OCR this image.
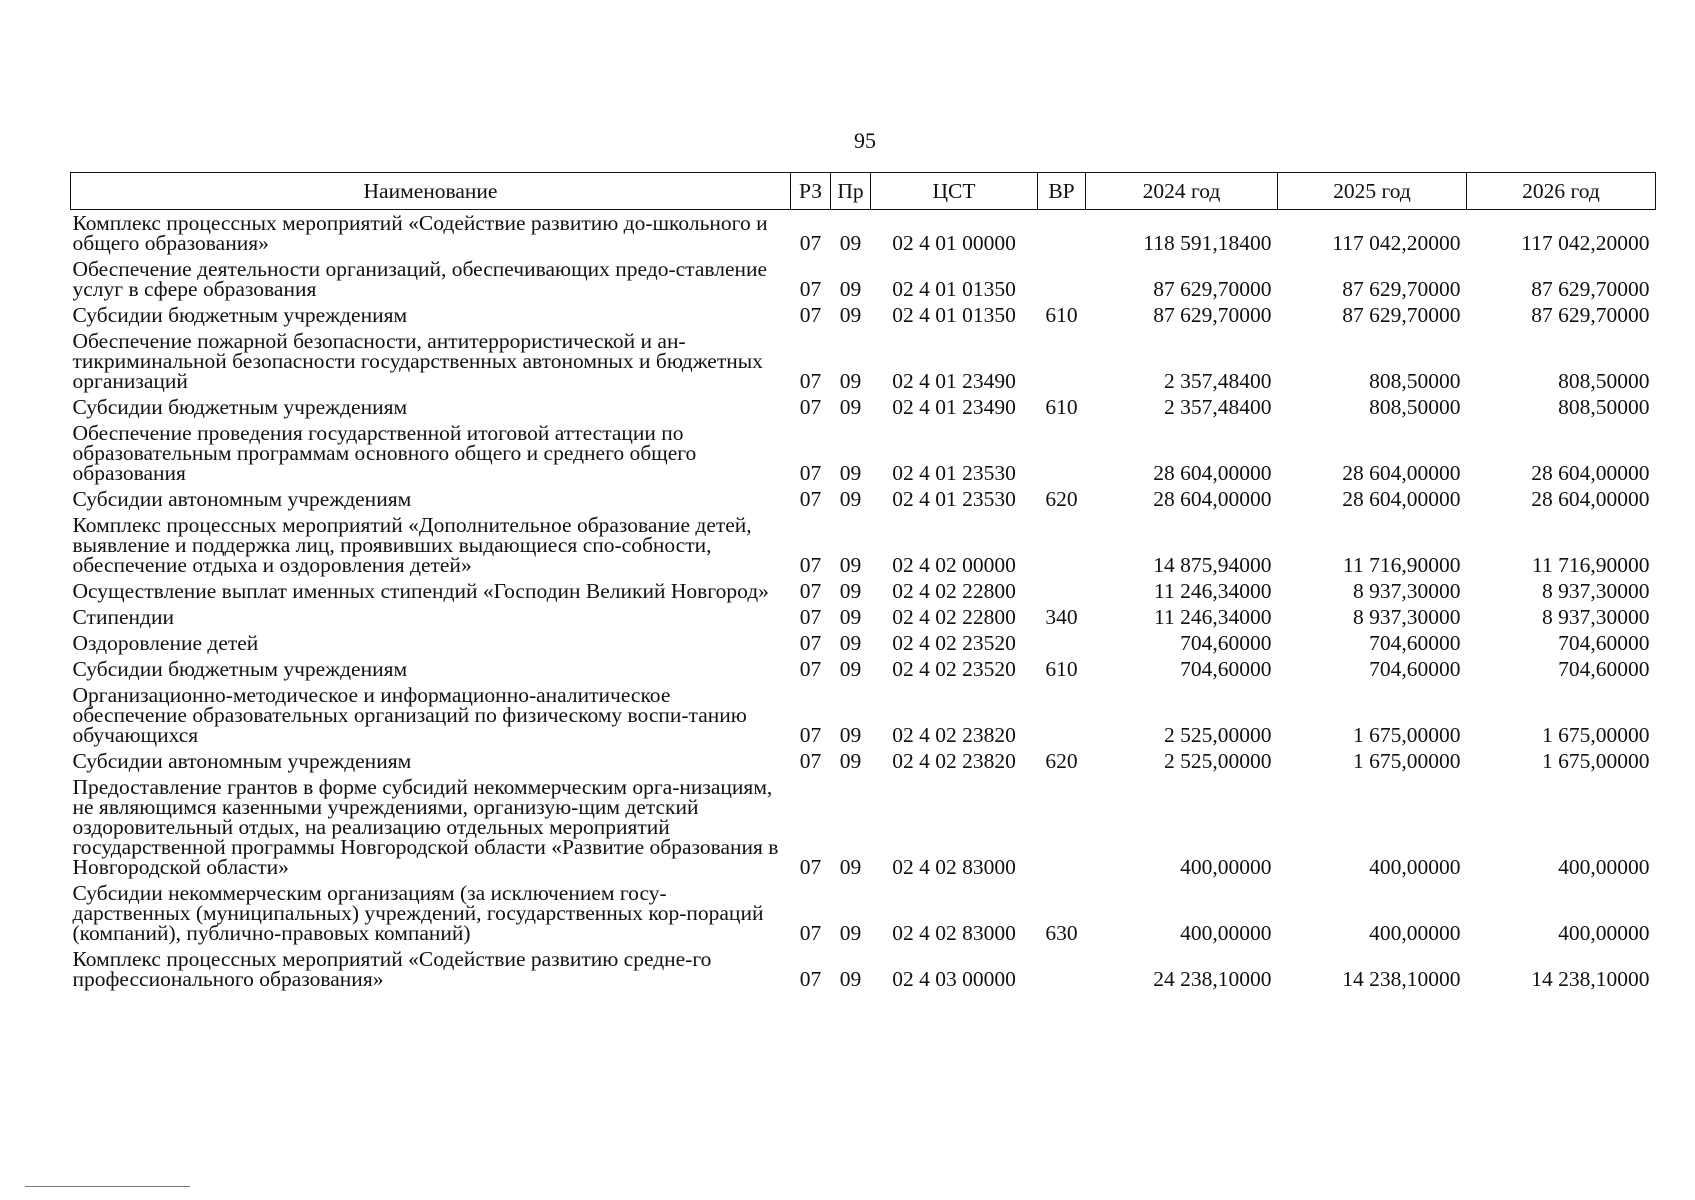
95
Наименование	РЗ	Пр	ЦСТ	ВР	2024 год	2025 год	2026 год
Комплекс процессных мероприятий «Содействие развитию до-школьного и общего образования»	07	09	02 4 01 00000		118 591,18400	117 042,20000	117 042,20000
Обеспечение деятельности организаций, обеспечивающих предо-ставление услуг в сфере образования	07	09	02 4 01 01350		87 629,70000	87 629,70000	87 629,70000
Субсидии бюджетным учреждениям	07	09	02 4 01 01350	610	87 629,70000	87 629,70000	87 629,70000
Обеспечение пожарной безопасности, антитеррористической и ан-тикриминальной безопасности государственных автономных и бюджетных организаций	07	09	02 4 01 23490		2 357,48400	808,50000	808,50000
Субсидии бюджетным учреждениям	07	09	02 4 01 23490	610	2 357,48400	808,50000	808,50000
Обеспечение проведения государственной итоговой аттестации по образовательным программам основного общего и среднего общего образования	07	09	02 4 01 23530		28 604,00000	28 604,00000	28 604,00000
Субсидии автономным учреждениям	07	09	02 4 01 23530	620	28 604,00000	28 604,00000	28 604,00000
Комплекс процессных мероприятий «Дополнительное образование детей, выявление и поддержка лиц, проявивших выдающиеся спо-собности, обеспечение отдыха и оздоровления детей»	07	09	02 4 02 00000		14 875,94000	11 716,90000	11 716,90000
Осуществление выплат именных стипендий «Господин Великий Новгород»	07	09	02 4 02 22800		11 246,34000	8 937,30000	8 937,30000
Стипендии	07	09	02 4 02 22800	340	11 246,34000	8 937,30000	8 937,30000
Оздоровление детей	07	09	02 4 02 23520		704,60000	704,60000	704,60000
Субсидии бюджетным учреждениям	07	09	02 4 02 23520	610	704,60000	704,60000	704,60000
Организационно-методическое и информационно-аналитическое обеспечение образовательных организаций по физическому воспи-танию обучающихся	07	09	02 4 02 23820		2 525,00000	1 675,00000	1 675,00000
Субсидии автономным учреждениям	07	09	02 4 02 23820	620	2 525,00000	1 675,00000	1 675,00000
Предоставление грантов в форме субсидий некоммерческим орга-низациям, не являющимся казенными учреждениями, организую-щим детский оздоровительный отдых, на реализацию отдельных мероприятий государственной программы Новгородской области «Развитие образования в Новгородской области»	07	09	02 4 02 83000		400,00000	400,00000	400,00000
Субсидии некоммерческим организациям (за исключением госу-дарственных (муниципальных) учреждений, государственных кор-пораций (компаний), публично-правовых компаний)	07	09	02 4 02 83000	630	400,00000	400,00000	400,00000
Комплекс процессных мероприятий «Содействие развитию средне-го профессионального образования»	07	09	02 4 03 00000		24 238,10000	14 238,10000	14 238,10000
